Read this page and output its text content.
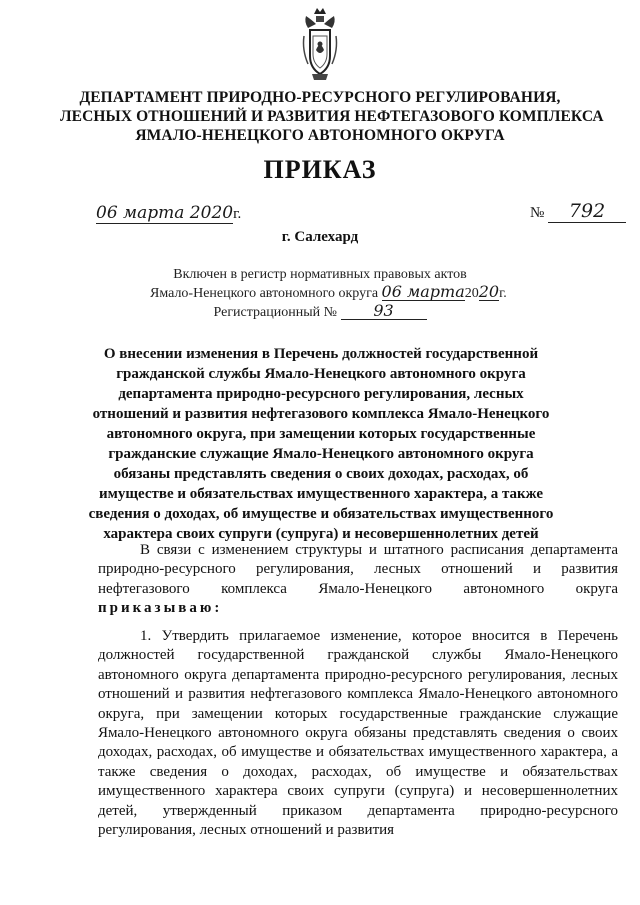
ДЕПАРТАМЕНТ ПРИРОДНО-РЕСУРСНОГО РЕГУЛИРОВАНИЯ,
ЛЕСНЫХ ОТНОШЕНИЙ И РАЗВИТИЯ НЕФТЕГАЗОВОГО КОМПЛЕКСА
ЯМАЛО-НЕНЕЦКОГО АВТОНОМНОГО ОКРУГА
ПРИКАЗ
06 марта 2020г.	№ 792
г. Салехард
Включен в регистр нормативных правовых актов
Ямало-Ненецкого автономного округа 06 марта2020г.
Регистрационный № 93
О внесении изменения в Перечень должностей государственной гражданской службы Ямало-Ненецкого автономного округа департамента природно-ресурсного регулирования, лесных отношений и развития нефтегазового комплекса Ямало-Ненецкого автономного округа, при замещении которых государственные гражданские служащие Ямало-Ненецкого автономного округа обязаны представлять сведения о своих доходах, расходах, об имуществе и обязательствах имущественного характера, а также сведения о доходах, об имуществе и обязательствах имущественного характера своих супруги (супруга) и несовершеннолетних детей
В связи с изменением структуры и штатного расписания департамента природно-ресурсного регулирования, лесных отношений и развития нефтегазового комплекса Ямало-Ненецкого автономного округа приказываю:
1. Утвердить прилагаемое изменение, которое вносится в Перечень должностей государственной гражданской службы Ямало-Ненецкого автономного округа департамента природно-ресурсного регулирования, лесных отношений и развития нефтегазового комплекса Ямало-Ненецкого автономного округа, при замещении которых государственные гражданские служащие Ямало-Ненецкого автономного округа обязаны представлять сведения о своих доходах, расходах, об имуществе и обязательствах имущественного характера, а также сведения о доходах, расходах, об имуществе и обязательствах имущественного характера своих супруги (супруга) и несовершеннолетних детей, утвержденный приказом департамента природно-ресурсного регулирования, лесных отношений и развития
